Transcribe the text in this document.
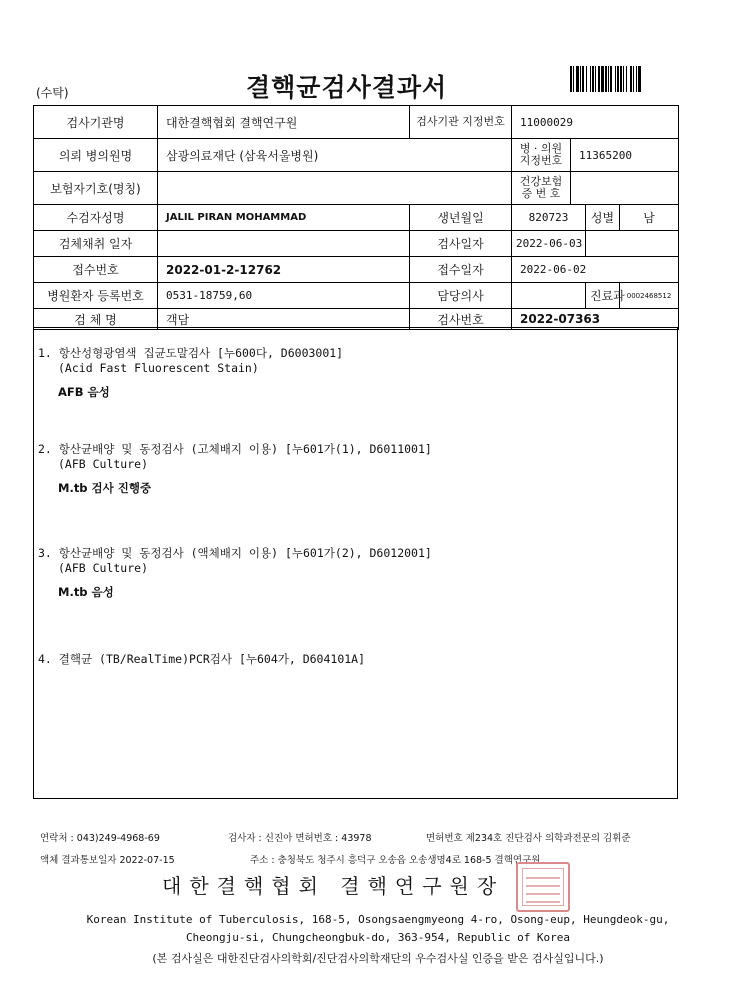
(수탁)	결핵균검사결과서
검사기관명	대한결핵협회 결핵연구원	검사기관 지정번호	11000029			
의뢰 병의원명	삼광의료재단 (삼육서울병원)		병 · 의원 지정번호	11365200		
보험자기호(명칭)			건강보험 증 번 호			
수검자성명	JALIL PIRAN MOHAMMAD	생년월일	820723		성별	남
검체채취 일자		검사일자	2022-06-03			
접수번호	2022-01-2-12762	접수일자	2022-06-02			
병원환자 등록번호	0531-18759,60	담당의사			진료과	0002468512
검 체 명	객담	검사번호	2022-07363			
1. 항산성형광염색 집균도말검사 [누600다, D6003001]
(Acid Fast Fluorescent Stain)
AFB 음성
2. 항산균배양 및 동정검사 (고체배지 이용) [누601가(1), D6011001]
(AFB Culture)
M.tb 검사 진행중
3. 항산균배양 및 동정검사 (액체배지 이용) [누601가(2), D6012001]
(AFB Culture)
M.tb 음성
4. 결핵균 (TB/RealTime)PCR검사 [누604가, D604101A]
연락처 : 043)249-4968-69	검사자 : 신진아 면허번호 : 43978	면허번호 제234호 진단검사 의학과전문의 김휘준
액체 결과통보일자 2022-07-15	주소 : 충청북도 청주시 흥덕구 오송읍 오송생명4로 168-5 결핵연구원
대한결핵협회 결핵연구원장
Korean Institute of Tuberculosis, 168-5, Osongsaengmyeong 4-ro, Osong-eup, Heungdeok-gu,
Cheongju-si, Chungcheongbuk-do, 363-954, Republic of Korea
(본 검사실은 대한진단검사의학회/진단검사의학재단의 우수검사실 인증을 받은 검사실입니다.)
